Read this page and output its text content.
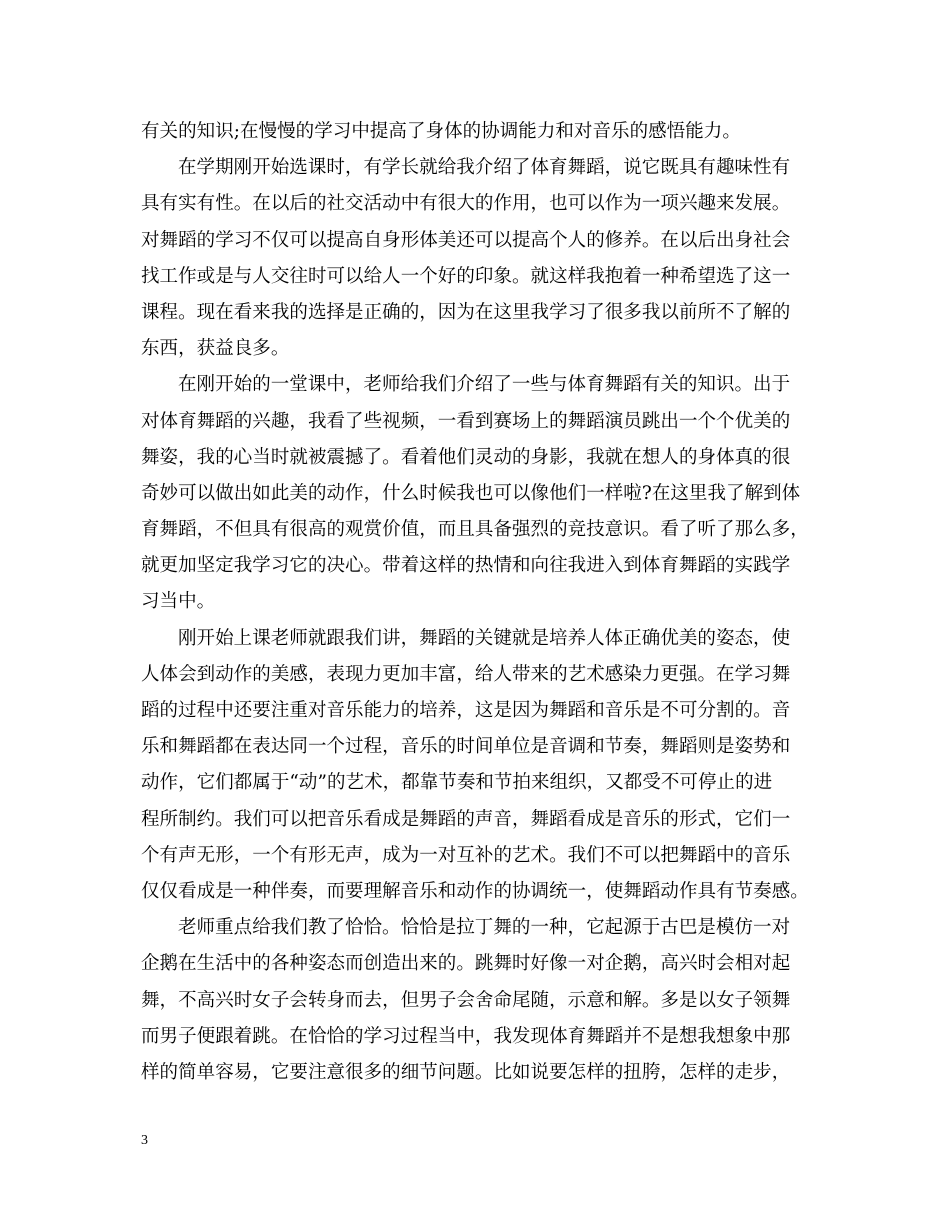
有关的知识;在慢慢的学习中提高了身体的协调能力和对音乐的感悟能力。
在学期刚开始选课时，有学长就给我介绍了体育舞蹈，说它既具有趣味性有
具有实有性。在以后的社交活动中有很大的作用，也可以作为一项兴趣来发展。
对舞蹈的学习不仅可以提高自身形体美还可以提高个人的修养。在以后出身社会
找工作或是与人交往时可以给人一个好的印象。就这样我抱着一种希望选了这一
课程。现在看来我的选择是正确的，因为在这里我学习了很多我以前所不了解的
东西，获益良多。
在刚开始的一堂课中，老师给我们介绍了一些与体育舞蹈有关的知识。出于
对体育舞蹈的兴趣，我看了些视频，一看到赛场上的舞蹈演员跳出一个个优美的
舞姿，我的心当时就被震撼了。看着他们灵动的身影，我就在想人的身体真的很
奇妙可以做出如此美的动作，什么时候我也可以像他们一样啦?在这里我了解到体
育舞蹈，不但具有很高的观赏价值，而且具备强烈的竞技意识。看了听了那么多，
就更加坚定我学习它的决心。带着这样的热情和向往我进入到体育舞蹈的实践学
习当中。
刚开始上课老师就跟我们讲，舞蹈的关键就是培养人体正确优美的姿态，使
人体会到动作的美感，表现力更加丰富，给人带来的艺术感染力更强。在学习舞
蹈的过程中还要注重对音乐能力的培养，这是因为舞蹈和音乐是不可分割的。音
乐和舞蹈都在表达同一个过程，音乐的时间单位是音调和节奏，舞蹈则是姿势和
动作，它们都属于“动”的艺术，都靠节奏和节拍来组织，又都受不可停止的进
程所制约。我们可以把音乐看成是舞蹈的声音，舞蹈看成是音乐的形式，它们一
个有声无形，一个有形无声，成为一对互补的艺术。我们不可以把舞蹈中的音乐
仅仅看成是一种伴奏，而要理解音乐和动作的协调统一，使舞蹈动作具有节奏感。
老师重点给我们教了恰恰。恰恰是拉丁舞的一种，它起源于古巴是模仿一对
企鹅在生活中的各种姿态而创造出来的。跳舞时好像一对企鹅，高兴时会相对起
舞，不高兴时女子会转身而去，但男子会舍命尾随，示意和解。多是以女子领舞
而男子便跟着跳。在恰恰的学习过程当中，我发现体育舞蹈并不是想我想象中那
样的简单容易，它要注意很多的细节问题。比如说要怎样的扭胯，怎样的走步，
3
